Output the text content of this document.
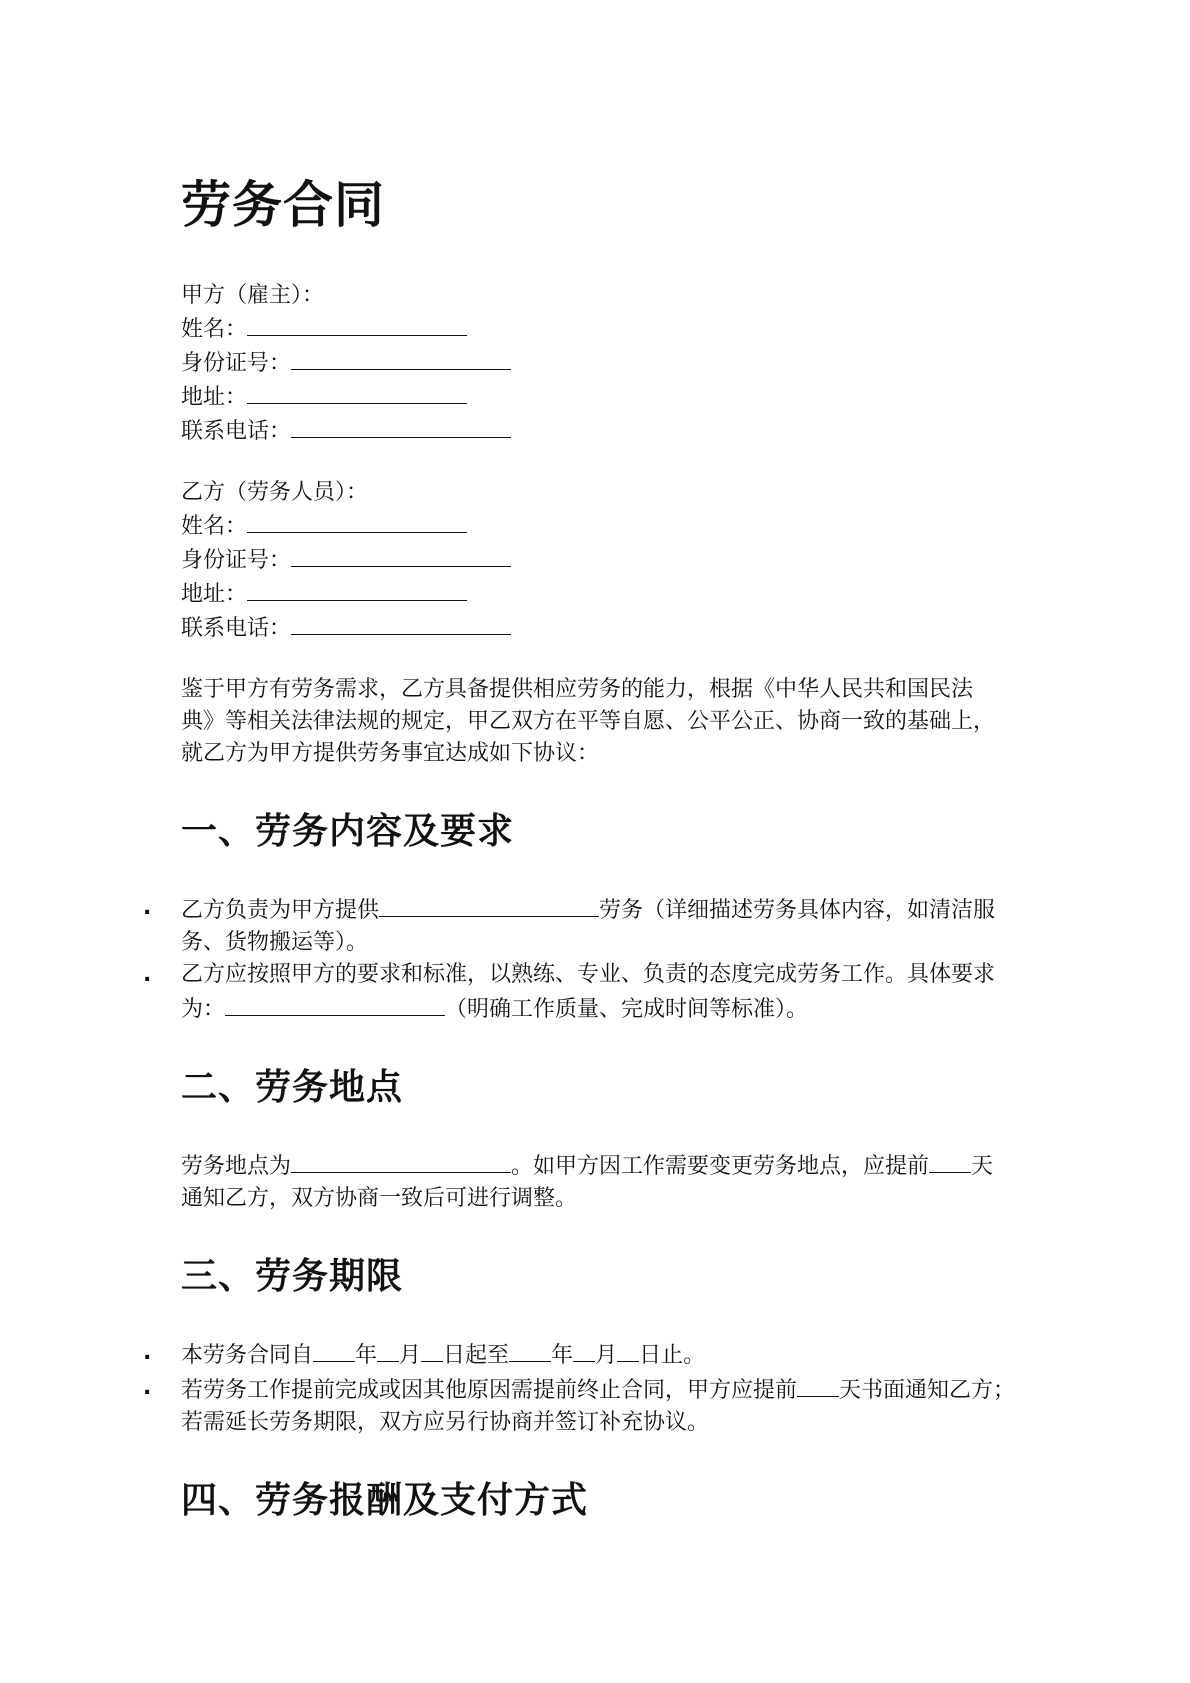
劳务合同
甲方（雇主）：
姓名：
身份证号：
地址：
联系电话：
乙方（劳务人员）：
姓名：
身份证号：
地址：
联系电话：

鉴于甲方有劳务需求，乙方具备提供相应劳务的能力，根据《中华人民共和国民法

典》等相关法律法规的规定，甲乙双方在平等自愿、公平公正、协商一致的基础上，

就乙方为甲方提供劳务事宜达成如下协议：

一、劳务内容及要求
. 乙方负责为甲方提供	劳务（详细描述劳务具体内容，如清洁服

务、货物搬运等）。

. 乙方应按照甲方的要求和标准，以熟练、专业、负责的态度完成劳务工作。具体要求

为：	（明确工作质量、完成时间等标准）。

二、劳务地点

劳务地点为	。如甲方因工作需要变更劳务地点，应提前 天

通知乙方，双方协商一致后可进行调整。

三、劳务期限
. 本劳务合同自 年 月 日起至 年 月 日止。

. 若劳务工作提前完成或因其他原因需提前终止合同，甲方应提前 天书面通知乙方；

若需延长劳务期限，双方应另行协商并签订补充协议。

四、劳务报酬及支付方式
